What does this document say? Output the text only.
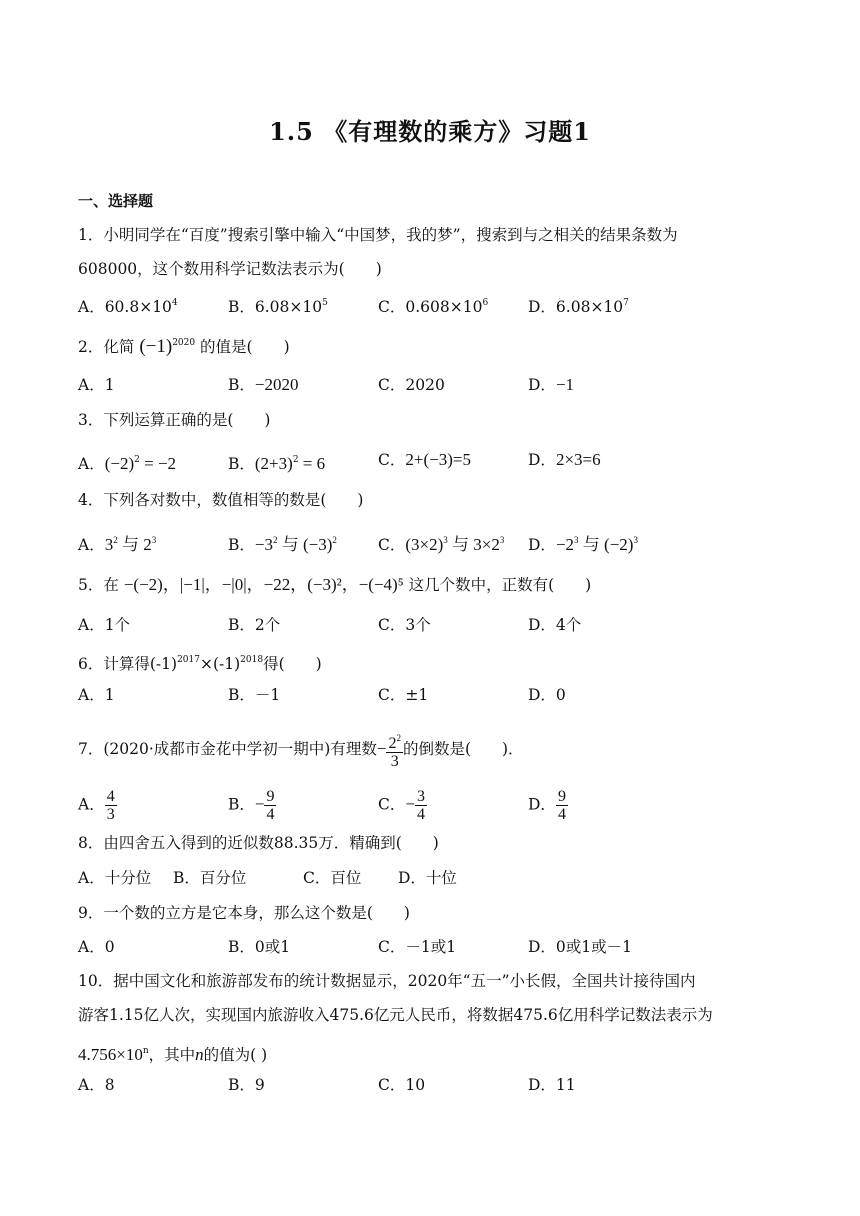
1.5 《有理数的乘方》习题1
一、选择题
1．小明同学在“百度”搜索引擎中输入“中国梦，我的梦”，搜索到与之相关的结果条数为
608000，这个数用科学记数法表示为(　　)
A．$60.8\times 10^4$	B．$6.08\times 10^5$	C．$0.608\times 10^6$	D．$6.08\times 10^7$
2．化简 $(-1)^{2020}$ 的值是(　　)
A．1	B．−2020	C．2020	D．−1
3．下列运算正确的是(　　)
A．$(-2)^2 = -2$	B．$(2+3)^2 = 6$	C．2+(−3)=5	D．2×3=6
4．下列各对数中，数值相等的数是(　　)
A．$3^2$ 与 $2^3$	B．$-3^2$ 与 $(-3)^2$	C．$(3\times 2)^3$ 与 $3\times 2^3$ D．$-2^3$ 与 $(-2)^3$
5．在 −(−2)，|−1|，−|0|，−22，(−3)²，−(−4)⁵ 这几个数中，正数有(　　)
A．1个	B．2个	C．3个	D．4个
6．计算得$(-1)^{2017}\times(-1)^{2018}$得(　　)
A．1	B．－1	C．±1	D．0
7．(2020·成都市金花中学初一期中)有理数− $\frac{2^2}{3}$ 的倒数是(　　)．
A． $\frac{4}{3}$	B．− $\frac{9}{4}$	C．− $\frac{3}{4}$	D． $\frac{9}{4}$
8．由四舍五入得到的近似数88.35万．精确到(　　)
A．十分位 B．百分位	C．百位 D．十位
9．一个数的立方是它本身，那么这个数是(　　)
A．0	B．0或1	C．－1或1	D．0或1或－1
10．据中国文化和旅游部发布的统计数据显示，2020年“五一”小长假，全国共计接待国内
游客1.15亿人次，实现国内旅游收入475.6亿元人民币，将数据475.6亿用科学记数法表示为
$4.756\times 10^n$，其中n的值为( )
A．8	B．9	C．10	D．11
